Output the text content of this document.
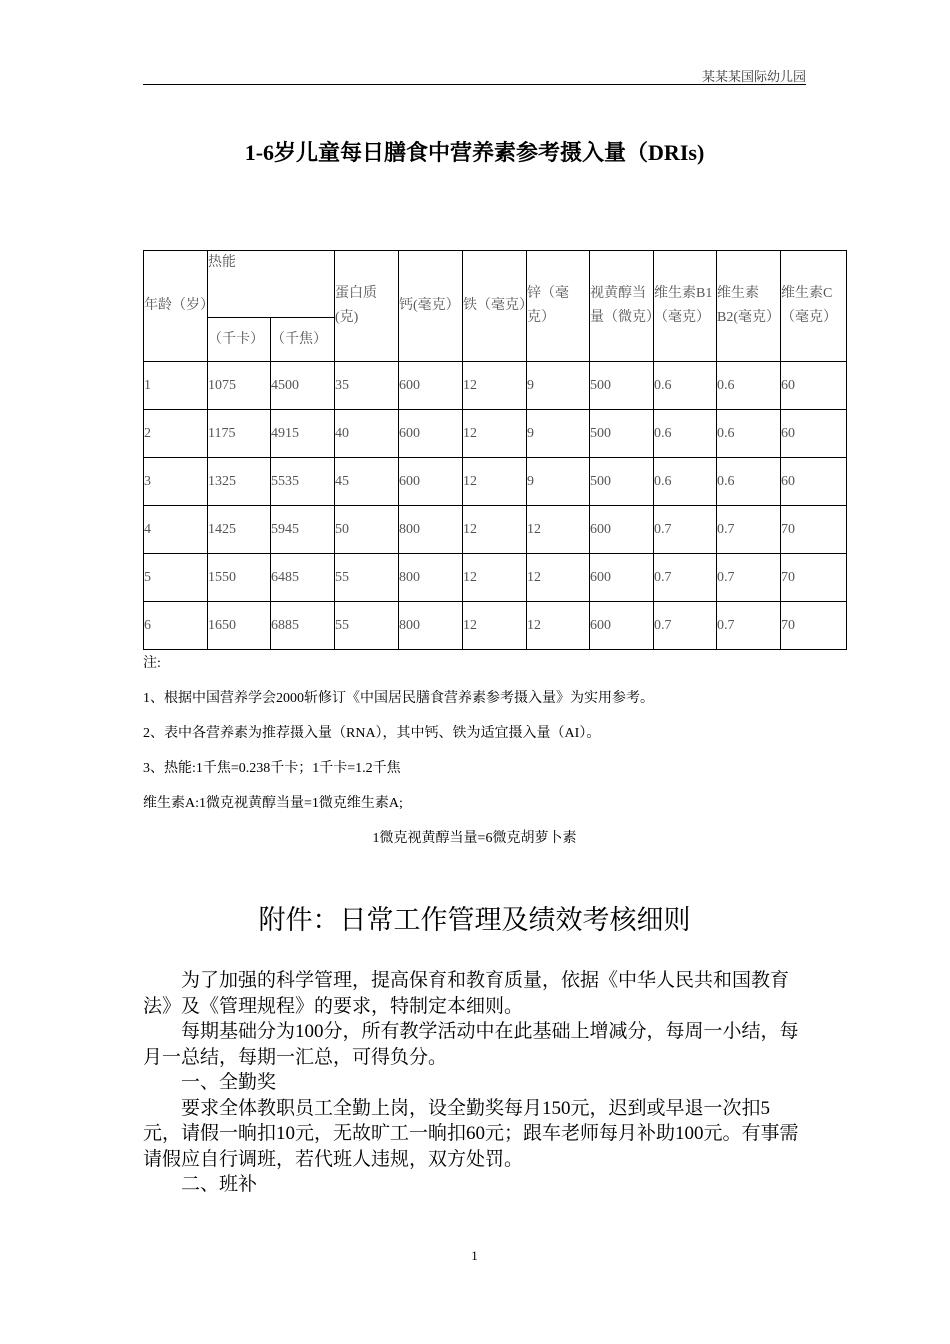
某某某国际幼儿园
1-6岁儿童每日膳食中营养素参考摄入量（DRIs)
年龄（岁）	热能		蛋白质(克)	钙(毫克）	铁（毫克）	锌（毫克）	视黄醇当量（微克）	维生素B1（毫克）	维生素B2(毫克）	维生素C（毫克）
	（千卡）	（千焦）								
1	1075	4500	35	600	12	9	500	0.6	0.6	60
2	1175	4915	40	600	12	9	500	0.6	0.6	60
3	1325	5535	45	600	12	9	500	0.6	0.6	60
4	1425	5945	50	800	12	12	600	0.7	0.7	70
5	1550	6485	55	800	12	12	600	0.7	0.7	70
6	1650	6885	55	800	12	12	600	0.7	0.7	70
注:
1、根据中国营养学会2000斩修订《中国居民膳食营养素参考摄入量》为实用参考。
2、表中各营养素为推荐摄入量（RNA），其中钙、铁为适宜摄入量（AI）。
3、热能:1千焦=0.238千卡；1千卡=1.2千焦
维生素A:1微克视黄醇当量=1微克维生素A;
1微克视黄醇当量=6微克胡萝卜素
附件：日常工作管理及绩效考核细则

为了加强的科学管理，提高保育和教育质量，依据《中华人民共和国教育法》及《管理规程》的要求，特制定本细则。

每期基础分为100分，所有教学活动中在此基础上增减分，每周一小结，每月一总结，每期一汇总，可得负分。

一、全勤奖

要求全体教职员工全勤上岗，设全勤奖每月150元，迟到或早退一次扣5元，请假一晌扣10元，无故旷工一晌扣60元；跟车老师每月补助100元。有事需请假应自行调班，若代班人违规，双方处罚。

二、班补

1
